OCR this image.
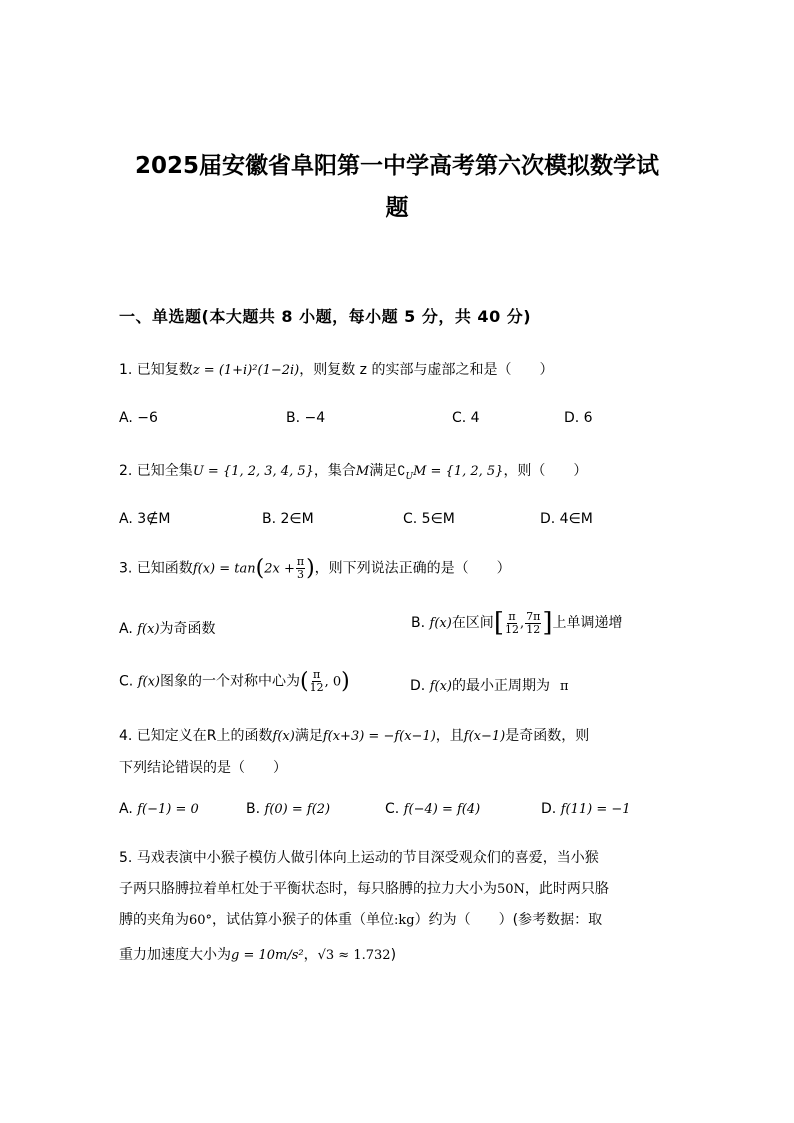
2025届安徽省阜阳第一中学高考第六次模拟数学试
题
一、单选题(本大题共 8 小题，每小题 5 分，共 40 分)
1. 已知复数z = (1+i)²(1−2i)，则复数 z 的实部与虚部之和是（　　）
A. −6	B. −4	C. 4	D. 6
2. 已知全集U = {1, 2, 3, 4, 5}，集合M满足$∁_UM = \{1$, 2, 5}，则（　　）
A. 3∉M	B. 2∈M	C. 5∈M	D. 4∈M
3. 已知函数$f(x) = \tan(2x + \frac{\pi}{3}$ )，则下列说法正确的是（　　）
A. f(x)为奇函数	B. f(x)在区间[ $\frac{\pi}{12}$ , $\frac{7\pi}{12}$ ]上单调递增
C. f(x)图象的一个对称中心为( $\frac{\pi}{12}$ , 0)	D. f(x)的最小正周期为 π
4. 已知定义在R上的函数f(x)满足f(x+3) = −f(x−1)，且f(x−1)是奇函数，则
下列结论错误的是（　　）
A. f(−1) = 0	B. f(0) = f(2)	C. f(−4) = f(4)	D. f(11) = −1
5. 马戏表演中小猴子模仿人做引体向上运动的节目深受观众们的喜爱，当小猴
子两只胳膊拉着单杠处于平衡状态时，每只胳膊的拉力大小为50N，此时两只胳
膊的夹角为60°，试估算小猴子的体重（单位:kg）约为（　　）(参考数据：取
重力加速度大小为g = 10m/s²，√3 ≈ 1.732)
